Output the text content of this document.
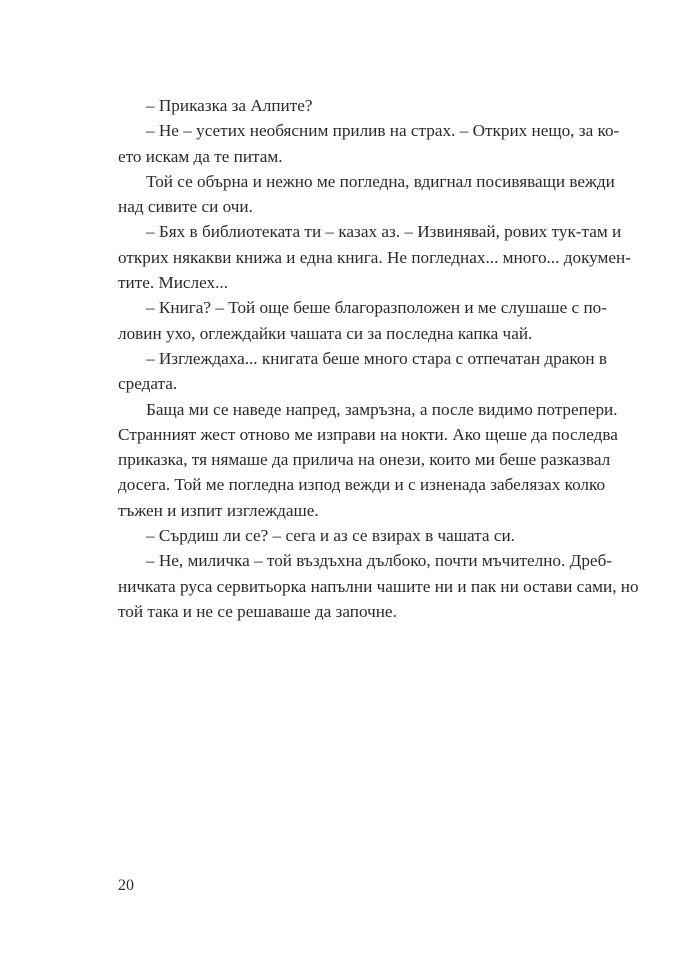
– Приказка за Алпите?
– Не – усетих необясним прилив на страх. – Открих нещо, за ко-
ето искам да те питам.
Той се обърна и нежно ме погледна, вдигнал посивяващи вежди
над сивите си очи.
– Бях в библиотеката ти – казах аз. – Извинявай, рових тук-там и
открих някакви книжа и една книга. Не погледнах... много... докумен-
тите. Мислех...
– Книга? – Той още беше благоразположен и ме слушаше с по-
ловин ухо, оглеждайки чашата си за последна капка чай.
– Изглеждаха... книгата беше много стара с отпечатан дракон в
средата.
Баща ми се наведе напред, замръзна, а после видимо потрепери.
Странният жест отново ме изправи на нокти. Ако щеше да последва
приказка, тя нямаше да прилича на онези, които ми беше разказвал
досега. Той ме погледна изпод вежди и с изненада забелязах колко
тъжен и изпит изглеждаше.
– Сърдиш ли се? – сега и аз се взирах в чашата си.
– Не, миличка – той въздъхна дълбоко, почти мъчително. Дреб-
ничката руса сервитьорка напълни чашите ни и пак ни остави сами, но
той така и не се решаваше да започне.
20
